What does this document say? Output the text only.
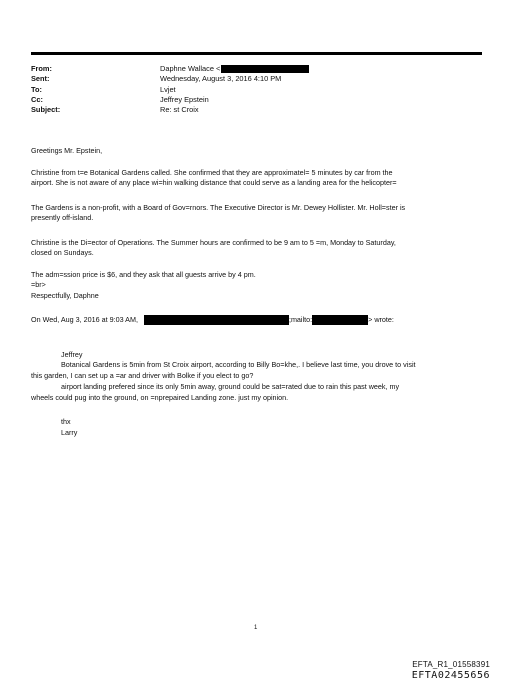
From:	Daphne Wallace <
Sent:	Wednesday, August 3, 2016 4:10 PM
To:	Lvjet
Cc:	Jeffrey Epstein
Subject:	Re: st Croix
Greetings Mr. Epstein,
Christine from t=e Botanical Gardens called. She confirmed that they are approximatel= 5 minutes by car from the
airport. She is not aware of any place wi=hin walking distance that could serve as a landing area for the helicopter=
The Gardens is a non-profit, with a Board of Gov=rnors. The Executive Director is Mr. Dewey Hollister. Mr. Holl=ster is
presently off-island.
Christine is the Di=ector of Operations. The Summer hours are confirmed to be 9 am to 5 =m, Monday to Saturday,
closed on Sundays.
The adm=ssion price is $6, and they ask that all guests arrive by 4 pm.
=br>
Respectfully, Daphne
On Wed, Aug 3, 2016 at 9:03 AM,	;mailto:	> wrote:
Jeffrey
Botanical Gardens is 5min from St Croix airport, according to Billy Bo=khe,. I believe last time, you drove to visit
this garden, I can set up a =ar and driver with Bolke if you elect to go?
airport landing prefered since its only 5min away, ground could be sat=rated due to rain this past week, my
wheels could pug into the ground, on =nprepaired Landing zone. just my opinion.
thx
Larry
1
EFTA_R1_01558391
EFTA02455656
